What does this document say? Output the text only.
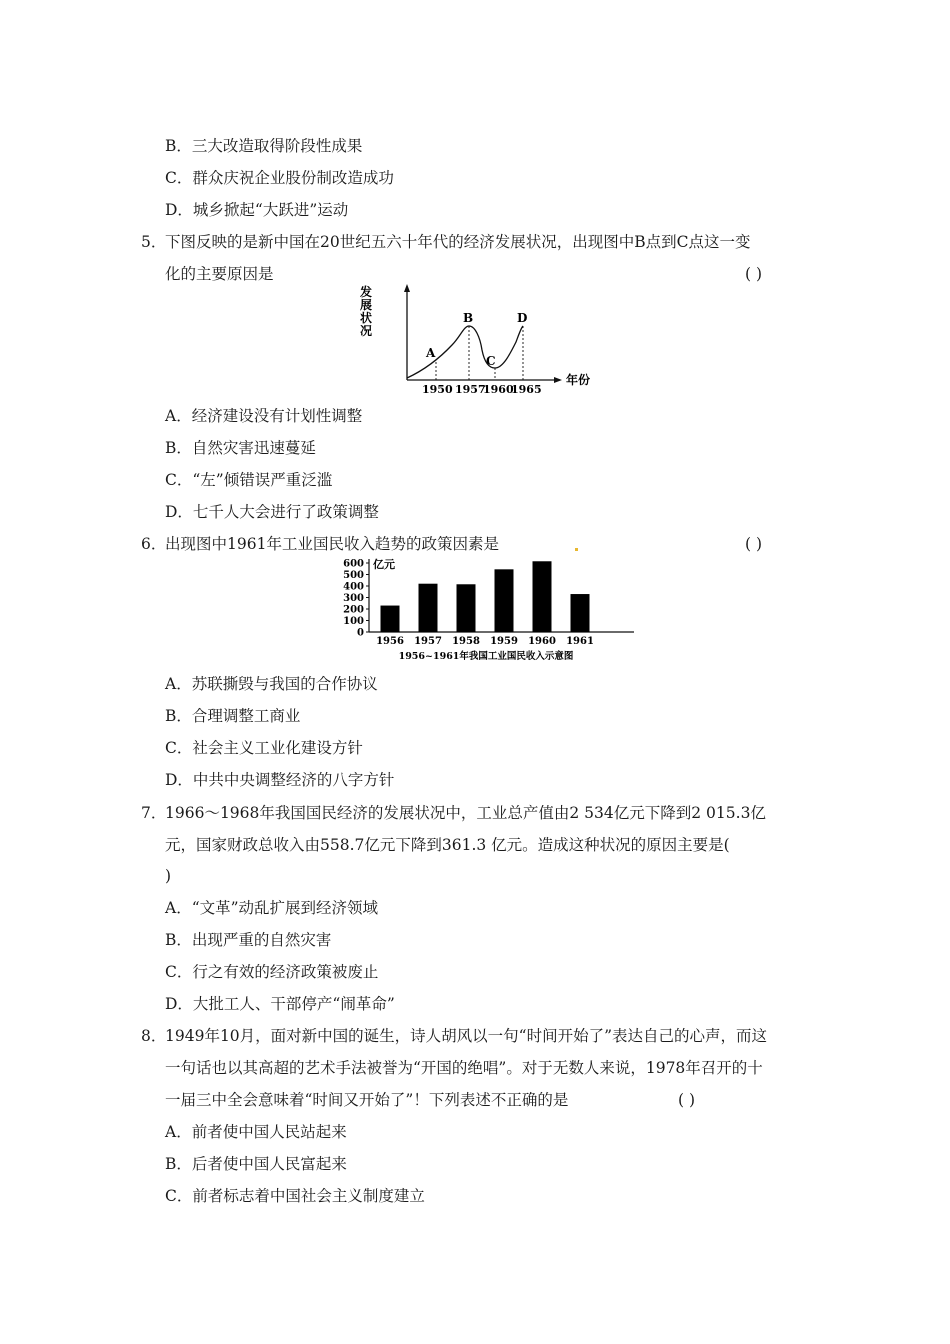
B．三大改造取得阶段性成果
C．群众庆祝企业股份制改造成功
D．城乡掀起“大跃进”运动
5．
下图反映的是新中国在20世纪五六十年代的经济发展状况，出现图中B点到C点这一变
化的主要原因是	( )
发
展
状
况
年份
A
B
C
D
1950 1957
1960
1965
A．经济建设没有计划性调整
B．自然灾害迅速蔓延
C．“左”倾错误严重泛滥
D．七千人大会进行了政策调整
6．
出现图中1961年工业国民收入趋势的政策因素是	( )
亿元
0
100
200
300
400
500
600
1956 1957 1958 1959 1960 1961
1956~1961年我国工业国民收入示意图
A．苏联撕毁与我国的合作协议
B．合理调整工商业
C．社会主义工业化建设方针
D．中共中央调整经济的八字方针
7．
1966～1968年我国国民经济的发展状况中，工业总产值由2 534亿元下降到2 015.3亿
元，国家财政总收入由558.7亿元下降到361.3 亿元。造成这种状况的原因主要是(
)
A．“文革”动乱扩展到经济领域
B．出现严重的自然灾害
C．行之有效的经济政策被废止
D．大批工人、干部停产“闹革命”
8．
1949年10月，面对新中国的诞生，诗人胡风以一句“时间开始了”表达自己的心声，而这
一句话也以其高超的艺术手法被誉为“开国的绝唱”。对于无数人来说，1978年召开的十
一届三中全会意味着“时间又开始了”！下列表述不正确的是	( )
A．前者使中国人民站起来
B．后者使中国人民富起来
C．前者标志着中国社会主义制度建立
